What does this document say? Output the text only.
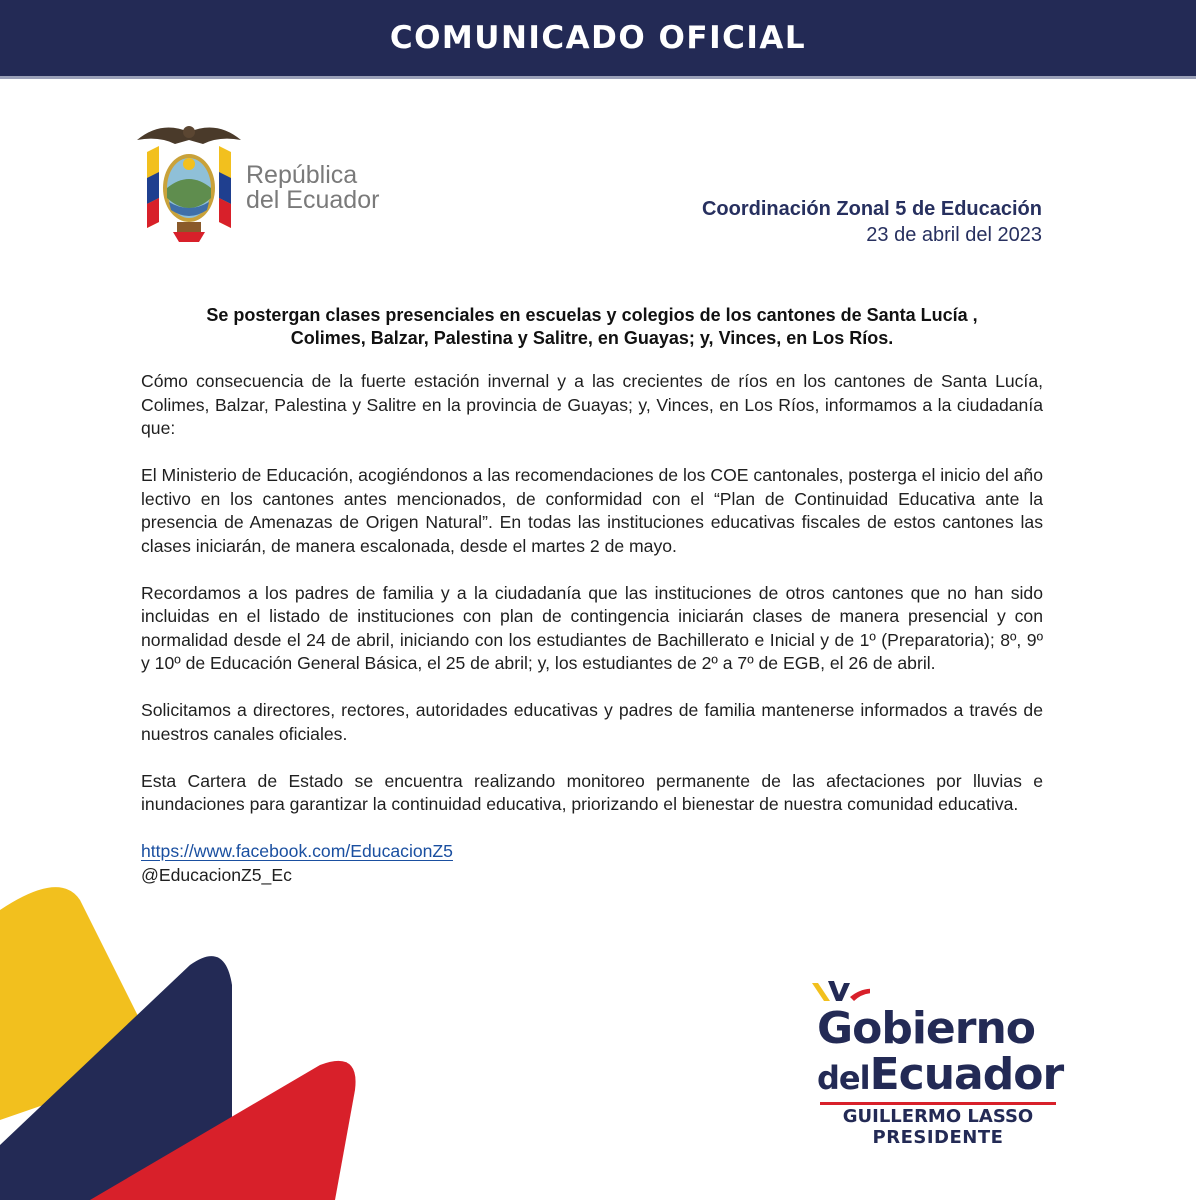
COMUNICADO OFICIAL
República
del Ecuador	Coordinación Zonal 5 de Educación
23 de abril del 2023
Se postergan clases presenciales en escuelas y colegios de los cantones de Santa Lucía ,
Colimes, Balzar, Palestina y Salitre, en Guayas; y, Vinces, en Los Ríos.

Cómo consecuencia de la fuerte estación invernal y a las crecientes de ríos en los cantones de Santa Lucía, Colimes, Balzar, Palestina y Salitre en la provincia de Guayas; y, Vinces, en Los Ríos, informamos a la ciudadanía que:

El Ministerio de Educación, acogiéndonos a las recomendaciones de los COE cantonales, posterga el inicio del año lectivo en los cantones antes mencionados, de conformidad con el “Plan de Continuidad Educativa ante la presencia de Amenazas de Origen Natural”. En todas las instituciones educativas fiscales de estos cantones las clases iniciarán, de manera escalonada, desde el martes 2 de mayo.

Recordamos a los padres de familia y a la ciudadanía que las instituciones de otros cantones que no han sido incluidas en el listado de instituciones con plan de contingencia iniciarán clases de manera presencial y con normalidad desde el 24 de abril, iniciando con los estudiantes de Bachillerato e Inicial y de 1º (Preparatoria); 8º, 9º y 10º de Educación General Básica, el 25 de abril; y, los estudiantes de 2º a 7º de EGB, el 26 de abril.

Solicitamos a directores, rectores, autoridades educativas y padres de familia mantenerse informados a través de nuestros canales oficiales.

Esta Cartera de Estado se encuentra realizando monitoreo permanente de las afectaciones por lluvias e inundaciones para garantizar la continuidad educativa, priorizando el bienestar de nuestra comunidad educativa.

https://www.facebook.com/EducacionZ5

@EducacionZ5_Ec

Gobierno
delEcuador
GUILLERMO LASSO
PRESIDENTE
